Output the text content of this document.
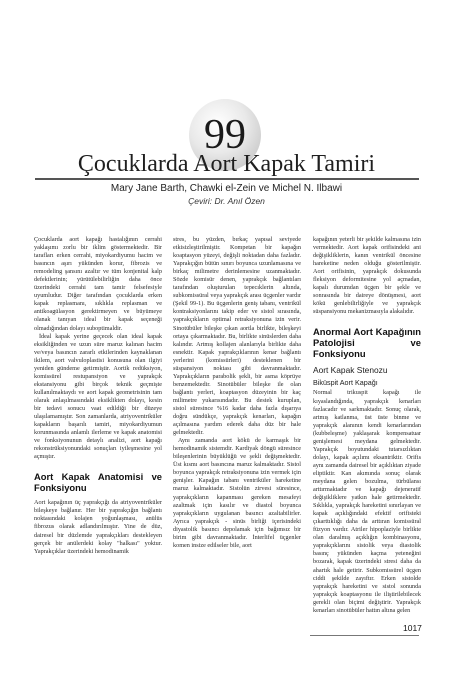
99
Çocuklarda Aort Kapak Tamiri
Mary Jane Barth, Chawki el-Zein ve Michel N. Ilbawi
Çeviri: Dr. Anıl Özen

Çocuklarda aort kapağı hastalığının cerrahi yaklaşımı zorlu bir iklim göstermektedir. Bir tarafları erken cerrahi, miyokardiyumu hacim ve basıncın aşırı yükünden korur, fibrozis ve remodeling şansını azaltır ve tüm konjenital kalp defektlerinin; yürütülebilirliğin daha önce üzerindeki cerrahi tam tamir felsefesiyle uyumludur. Diğer tarafından çocuklarda erken kapak replasmanı, sıklıkla replasman ve antikoagülasyon gerektirmeyen ve büyümeye olanak tanıyan ideal bir kapak seçeneği olmadığından dolayı suboptimaldir.

İdeal kapak yerine geçecek olan ideal kapak eksikliğinden ve uzun süre maruz kalınan hacim ve/veya basıncın zararlı etkilerinden kaynaklanan ikilem, aort valvuloplastisi konusuna olan ilgiyi yeniden gündeme getirmiştir. Aortik redüksiyon, komissürel restupansiyon ve yaprakçık ekstansiyonu gibi birçok teknik geçmişte kullanılmaktaydı ve aort kapak geometrisinin tam olarak anlaşılmasındaki eksiklikten dolayı, kesin bir tedavi sonucu vaat edildiği bir düzeye ulaşılamamıştır. Son zamanlarda, atriyoventriküler kapakların başarılı tamiri, miyokardiyumun korunmasında anlamlı ilerleme ve kapak anatomisi ve fonksiyonunun detaylı analizi, aort kapağı rekonstrüksiyonundaki sonuçları iyileşmesine yol açmıştır.

Aort Kapak Anatomisi ve Fonksiyonu

Aort kapağının üç yaprakçığı da atriyoventriküler bileşkeye bağlanır. Her bir yaprakçığın bağlantı noktasındaki kolajen yoğunlaşması, anülüs fibrozus olarak adlandırılmıştır. Yine de düz, dairesel bir düzlemde yaprakçıkları destekleyen gerçek bir anülerdeki kolay "halkası" yoktur. Yaprakçıklar üzerindeki hemodinamik

stres, bu yüzden, bırkaç yapısal seviyede etkisizleştirilmiştir. Kompetan bir kapağın koaptasyon yüzeyi, değişli noktadan daha fazladır. Yaprakçığın bütün sınırı boyunca uzunlamasına ve birkaç milimetre derinlemesine uzanmaktadır. Sözde komisür denen, yaprakçık bağlantıları tarafından oluşturulan tepecıklerin altında, subkomissüral veya yaprakçık arası üçgenler vardır (Şekil 99-1). Bu üçgenlerin geniş tabanı, ventrikül kontraksiyonlarını takip eder ve sistol sırasında, yaprakçıkların optimal retraksiyonuna izin verir. Sinotübüler bileşke çıkan aortla birlikte, bileşkeyi ortaya çıkarmaktadır. Bu, birlikte sinüslerden daha kalındır. Artmış kollajen alanlarıyla birlikte daha esnektir. Kapak yaprakçıklarının kenar bağlantı yerlerini (komissürleri) desteklenen bir süspansiyon noktası gibi davranmaktadır. Yaprakçıkların parabolik şekli, bir asma köprüye benzemektedir. Sinotübüler bileşke ile olan bağlantı yerleri, koaptasyon düzeyinin bir kaç milimetre yukarısındadır. Bu destek kuruplan, sistol süresince %16 kadar daha fazla dışarıya doğru sündükçe, yaprakçık kenarları, kapağın açılmasına yardım ederek daha düz bir hale gelmektedir.

Aynı zamanda aort kökü de karmaşık bir hemodinamik sistemdir. Kardiyak döngü süresince bileşenlerinin büyüklüğü ve şekli değişmektedir. Üst kısmı aort basıncına maruz kalmaktadır. Sistol boyunca yaprakçık retraksiyonuna izin vermek için genişler. Kapağın tabanı ventriküler hareketine maruz kalmaktadır. Sistolün zirvesi süresince, yaprakçıkların kapanması gereken mesafeyi azaltmak için kasılır ve diastol boyunca yaprakçıkların uygulanan basıncı azaltabilirler. Ayrıca yaprakçık - sinüs birliği içerisindeki diyastolik basıncı depolamak için bağımsız bir birim gibi davranmaktadır. İnterlifel üçgenler komen insize edilseler bile, aort

kapağının yeterli bir şekilde kalmasına izin vermektedir. Aort kapak orifisindeki ani değişikliklerin, kanın ventrikül öncesine hareketine neden olduğu gösterilmiştir. Aort orifisinin, yaprakçık dokusunda fleksiyon deformitesine yol açmadan, kapalı durumdan üçgen bir şekle ve sonrasında bir daireye dönüşmesi, aort kökü genlebilirliğiyle ve yaprakçık süspansiyonu mekanizmasıyla alakalıdır.

Anormal Aort Kapağının Patolojisi ve Fonksiyonu
Aort Kapak Stenozu
Biküspit Aort Kapağı

Normal trikuspit kapağı ile kıyaslandığında, yaprakçık kenarları fazlacadır ve sarkmaktadır. Sonuç olarak, artmış katlanma, üst üste binme ve yaprakçık alanının kendi kenarlarından (kubbeleşme) yaklaşarak kompensatuar genişlemesi meydana gelmektedir. Yaprakçık boyutundaki tutarsızlıktan dolayı, kapak açılımı eksantriktir. Orifis aynı zamanda dairesel bir açıklıktan ziyade eliptiktir. Kan akımında sonuç olarak meydana gelen bozulma, türbülansı arttırmaktadır ve kapağı dejeneratif değişikliklere yatkın hale getirmektedir. Sıklıkla, yaprakçık hareketini sınırlayan ve kapak açıklığındaki efektif orifisteki çıkarttıklığı daha da arttıran komissüral füzyon vardır. Atriler hipoplaziyle birlikte olan daralmış açıklığın kombinasyonu, yaprakçıklarını sistolik veya diastolik basınç yükünden kaçma yeteneğini bozarak, kapak üzerindeki stresi daha da ahartık hale getirir. Subkomissürel üçgen ciddi şekilde zayıftır. Erken sistolde yaprakçık hareketini ve sistol sonunda yaprakçık koaptasyonu ile iliştirilebilecek gerekli olan biçimi değiştirir. Yaprakçık kenarları sinotübüler hattın altına gelen

1017
